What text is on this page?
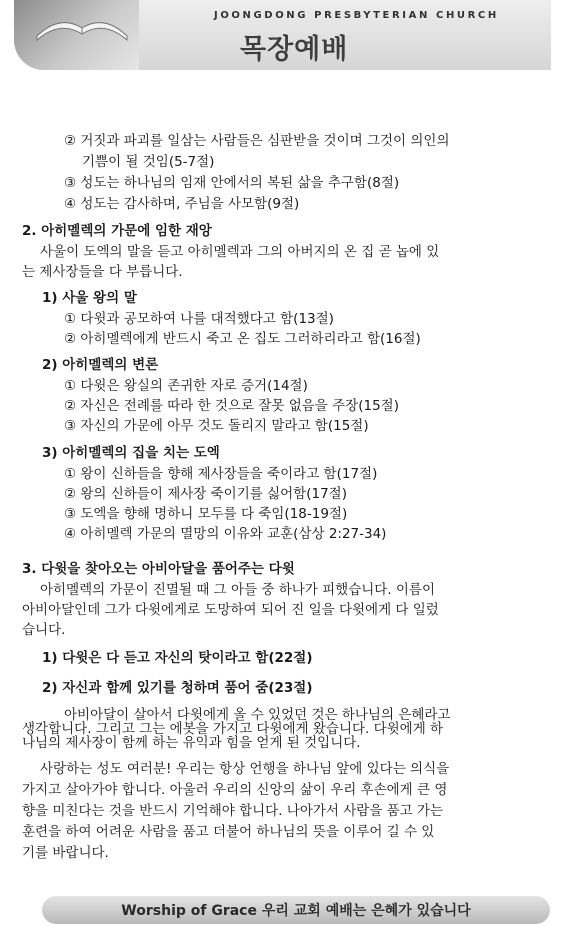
JOONGDONG PRESBYTERIAN CHURCH
목장예배
② 거짓과 파괴를 일삼는 사람들은 심판받을 것이며 그것이 의인의
기쁨이 될 것임(5-7절)
③ 성도는 하나님의 임재 안에서의 복된 삶을 추구함(8절)
④ 성도는 감사하며, 주님을 사모함(9절)
2. 아히멜렉의 가문에 임한 재앙
사울이 도엑의 말을 듣고 아히멜렉과 그의 아버지의 온 집 곧 놉에 있
는 제사장들을 다 부릅니다.
1) 사울 왕의 말
① 다윗과 공모하여 나를 대적했다고 함(13절)
② 아히멜렉에게 반드시 죽고 온 집도 그러하리라고 함(16절)
2) 아히멜렉의 변론
① 다윗은 왕실의 존귀한 자로 증거(14절)
② 자신은 전례를 따라 한 것으로 잘못 없음을 주장(15절)
③ 자신의 가문에 아무 것도 돌리지 말라고 함(15절)
3) 아히멜렉의 집을 치는 도엑
① 왕이 신하들을 향해 제사장들을 죽이라고 함(17절)
② 왕의 신하들이 제사장 죽이기를 싫어함(17절)
③ 도엑을 향해 명하니 모두를 다 죽임(18-19절)
④ 아히멜렉 가문의 멸망의 이유와 교훈(삼상 2:27-34)
3. 다윗을 찾아오는 아비아달을 품어주는 다윗
아히멜렉의 가문이 진멸될 때 그 아들 중 하나가 피했습니다. 이름이
아비아달인데 그가 다윗에게로 도망하여 되어 진 일을 다윗에게 다 일렀
습니다.
1) 다윗은 다 듣고 자신의 탓이라고 함(22절)
2) 자신과 함께 있기를 청하며 품어 줌(23절)
아비아달이 살아서 다윗에게 올 수 있었던 것은 하나님의 은혜라고
생각합니다. 그리고 그는 에봇을 가지고 다윗에게 왔습니다. 다윗에게 하
나님의 제사장이 함께 하는 유익과 힘을 얻게 된 것입니다.
사랑하는 성도 여러분! 우리는 항상 언행을 하나님 앞에 있다는 의식을
가지고 살아가야 합니다. 아울러 우리의 신앙의 삶이 우리 후손에게 큰 영
향을 미친다는 것을 반드시 기억해야 합니다. 나아가서 사람을 품고 가는
훈련을 하여 어려운 사람을 품고 더불어 하나님의 뜻을 이루어 길 수 있
기를 바랍니다.
Worship of Grace 우리 교회 예배는 은혜가 있습니다
